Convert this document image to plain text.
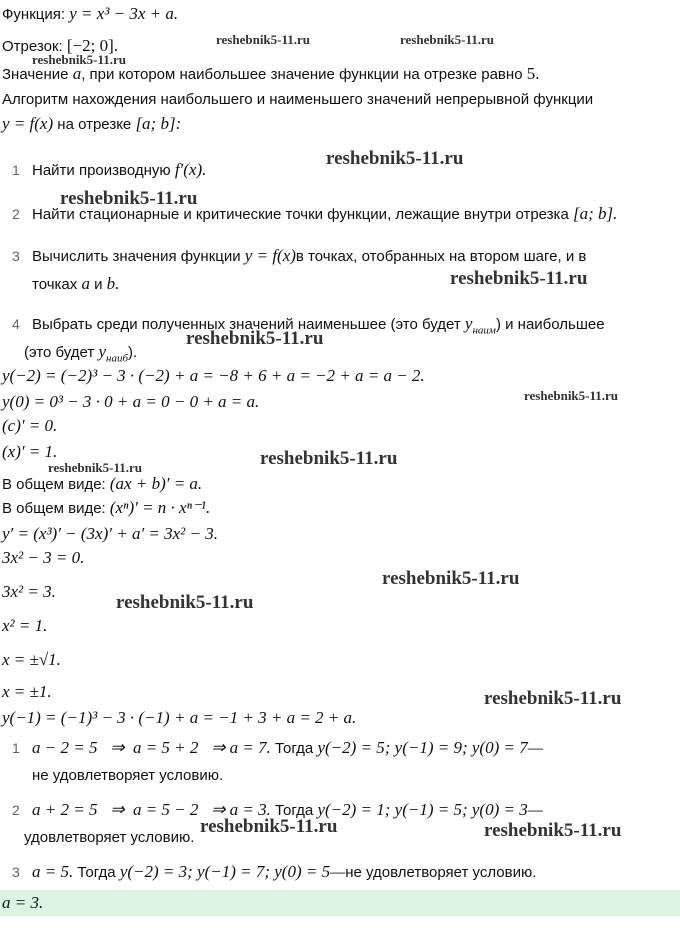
Функция: y = x³ − 3x + a.
Отрезок: [−2; 0].
Значение a, при котором наибольшее значение функции на отрезке равно 5.
Алгоритм нахождения наибольшего и наименьшего значений непрерывной функции
y = f(x) на отрезке [a; b]:
1 Найти производную f′(x).
2 Найти стационарные и критические точки функции, лежащие внутри отрезка [a; b].
3 Вычислить значения функции y = f(x)в точках, отобранных на втором шаге, и в
точках a и b.
4 Выбрать среди полученных значений наименьшее (это будет $y_{наим}$) и наибольшее
(это будет $y_{наиб}$).
y(−2) = (−2)³ − 3 · (−2) + a = −8 + 6 + a = −2 + a = a − 2.
y(0) = 0³ − 3 · 0 + a = 0 − 0 + a = a.
(c)′ = 0.
(x)′ = 1.
В общем виде: (ax + b)′ = a.
В общем виде: (xⁿ)′ = n · xⁿ⁻¹.
y′ = (x³)′ − (3x)′ + a′ = 3x² − 3.
3x² − 3 = 0.
3x² = 3.
x² = 1.
x = ±√1.
x = ±1.
y(−1) = (−1)³ − 3 · (−1) + a = −1 + 3 + a = 2 + a.
1 a − 2 = 5   ⇒  a = 5 + 2   ⇒ a = 7. Тогда y(−2) = 5; y(−1) = 9; y(0) = 7—
не удовлетворяет условию.
2 a + 2 = 5   ⇒  a = 5 − 2   ⇒ a = 3. Тогда y(−2) = 1; y(−1) = 5; y(0) = 3—
удовлетворяет условию.
3 a = 5. Тогда y(−2) = 3; y(−1) = 7; y(0) = 5—не удовлетворяет условию.
a = 3.
reshebnik5-11.ru	reshebnik5-11.ru
reshebnik5-11.ru
reshebnik5-11.ru
reshebnik5-11.ru
reshebnik5-11.ru
reshebnik5-11.ru
reshebnik5-11.ru
reshebnik5-11.ru
reshebnik5-11.ru
reshebnik5-11.ru
reshebnik5-11.ru
reshebnik5-11.ru
reshebnik5-11.ru	reshebnik5-11.ru
